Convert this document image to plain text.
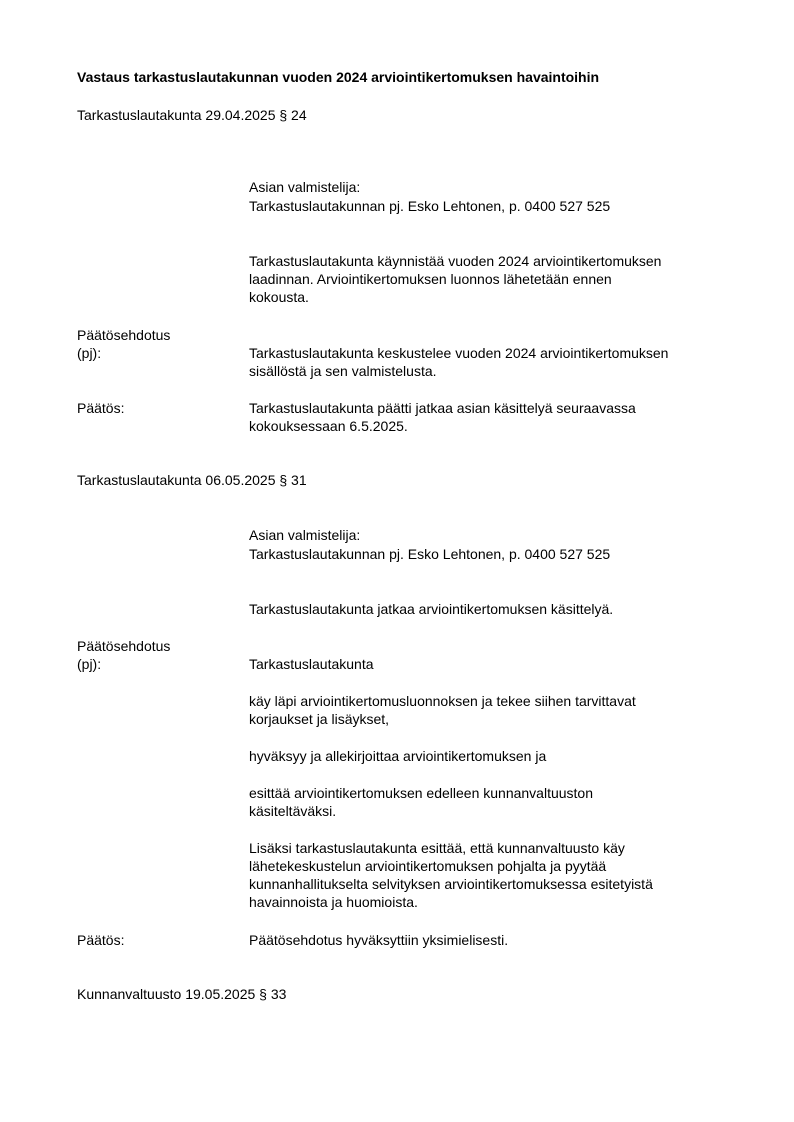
Vastaus tarkastuslautakunnan vuoden 2024 arviointikertomuksen havaintoihin
Tarkastuslautakunta 29.04.2025 § 24
Asian valmistelija:
Tarkastuslautakunnan pj. Esko Lehtonen, p. 0400 527 525
Tarkastuslautakunta käynnistää vuoden 2024 arviointikertomuksen
laadinnan. Arviointikertomuksen luonnos lähetetään ennen
kokousta.
Päätösehdotus
(pj):	Tarkastuslautakunta keskustelee vuoden 2024 arviointikertomuksen
sisällöstä ja sen valmistelusta.
Päätös:	Tarkastuslautakunta päätti jatkaa asian käsittelyä seuraavassa
kokouksessaan 6.5.2025.
Tarkastuslautakunta 06.05.2025 § 31
Asian valmistelija:
Tarkastuslautakunnan pj. Esko Lehtonen, p. 0400 527 525
Tarkastuslautakunta jatkaa arviointikertomuksen käsittelyä.
Päätösehdotus
(pj):	Tarkastuslautakunta
käy läpi arviointikertomusluonnoksen ja tekee siihen tarvittavat
korjaukset ja lisäykset,
hyväksyy ja allekirjoittaa arviointikertomuksen ja
esittää arviointikertomuksen edelleen kunnanvaltuuston
käsiteltäväksi.
Lisäksi tarkastuslautakunta esittää, että kunnanvaltuusto käy
lähetekeskustelun arviointikertomuksen pohjalta ja pyytää
kunnanhallitukselta selvityksen arviointikertomuksessa esitetyistä
havainnoista ja huomioista.
Päätös:	Päätösehdotus hyväksyttiin yksimielisesti.
Kunnanvaltuusto 19.05.2025 § 33
